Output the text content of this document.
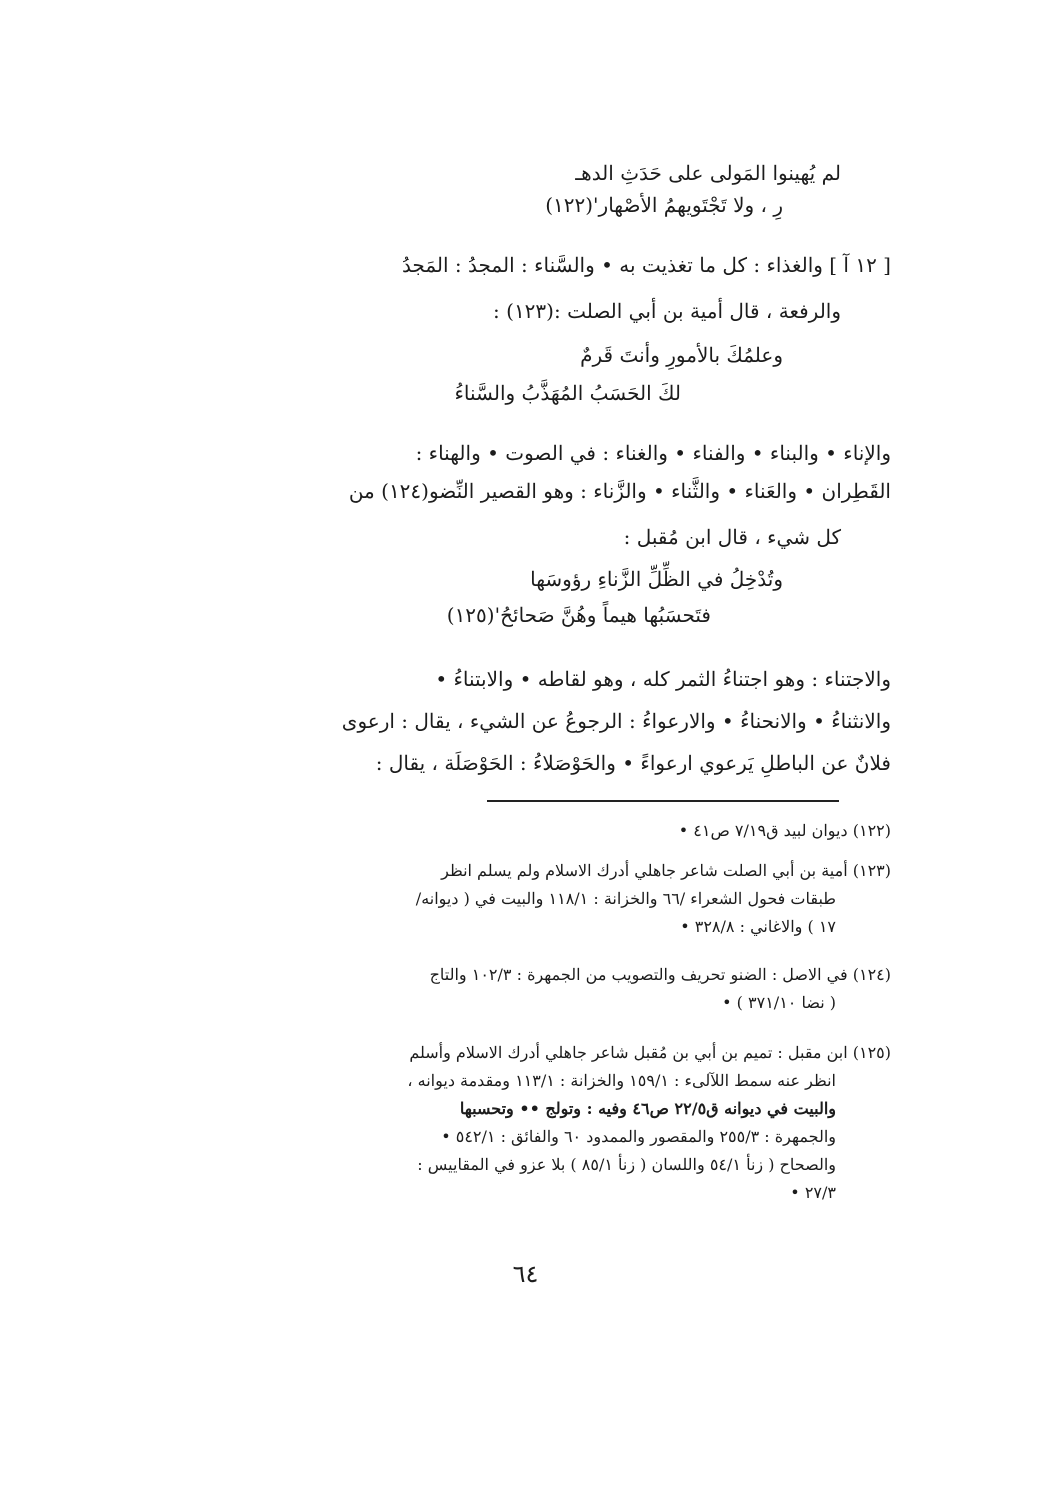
لم يُهينوا المَولى على حَدَثِ الدهـ
رِ ، ولا تَجْتَويهمُ الأصْهار'(١٢٢)
[ ١٢ آ ] والغذاء : كل ما تغذيت به • والسَّناء : المجدُ : المَجدُ
والرفعة ، قال أمية بن أبي الصلت :(١٢٣) :
وعلمُكَ بالأمورِ وأنتَ قَرمٌ
لكَ الحَسَبُ المُهَذَّبُ والسَّناءُ
والإناء • والبناء • والفناء • والغناء : في الصوت • والهناء :
القَطِران • والعَناء • والثَّناء • والزَّناء : وهو القصير النِّضو(١٢٤) من
كل شيء ، قال ابن مُقبل :
وتُدْخِلُ في الظِّلِّ الزَّناءِ رؤوسَها
فتَحسَبُها هيماً وهُنَّ صَحائحُ'(١٢٥)
والاجتناء : وهو اجتناءُ الثمر كله ، وهو لقاطه • والابتناءُ •
والانثناءُ • والانحناءُ • والارعواءُ : الرجوعُ عن الشيء ، يقال : ارعوى
فلانٌ عن الباطلِ يَرعوي ارعواءً • والحَوْصَلاءُ : الحَوْصَلَة ، يقال :
(١٢٢) ديوان لبيد ق٧/١٩ ص٤١ •
(١٢٣) أمية بن أبي الصلت شاعر جاهلي أدرك الاسلام ولم يسلم انظر
طبقات فحول الشعراء /٦٦ والخزانة : ١١٨/١ والبيت في ( ديوانه/
١٧ ) والاغاني : ٣٢٨/٨ •
(١٢٤) في الاصل : الضنو تحريف والتصويب من الجمهرة : ١٠٢/٣ والتاج
( نضا ٣٧١/١٠ ) •
(١٢٥) ابن مقبل : تميم بن أبي بن مُقبل شاعر جاهلي أدرك الاسلام وأسلم
انظر عنه سمط اللآلىء : ١٥٩/١ والخزانة : ١١٣/١ ومقدمة ديوانه ،
والبيت في ديوانه ق٢٢/٥ ص٤٦ وفيه : وتولج •• وتحسبها
والجمهرة : ٢٥٥/٣ والمقصور والممدود ٦٠ والفائق : ٥٤٢/١ •
والصحاح ( زنأ ٥٤/١ واللسان ( زنأ ٨٥/١ ) بلا عزو في المقاييس :
٢٧/٣ •
٦٤
